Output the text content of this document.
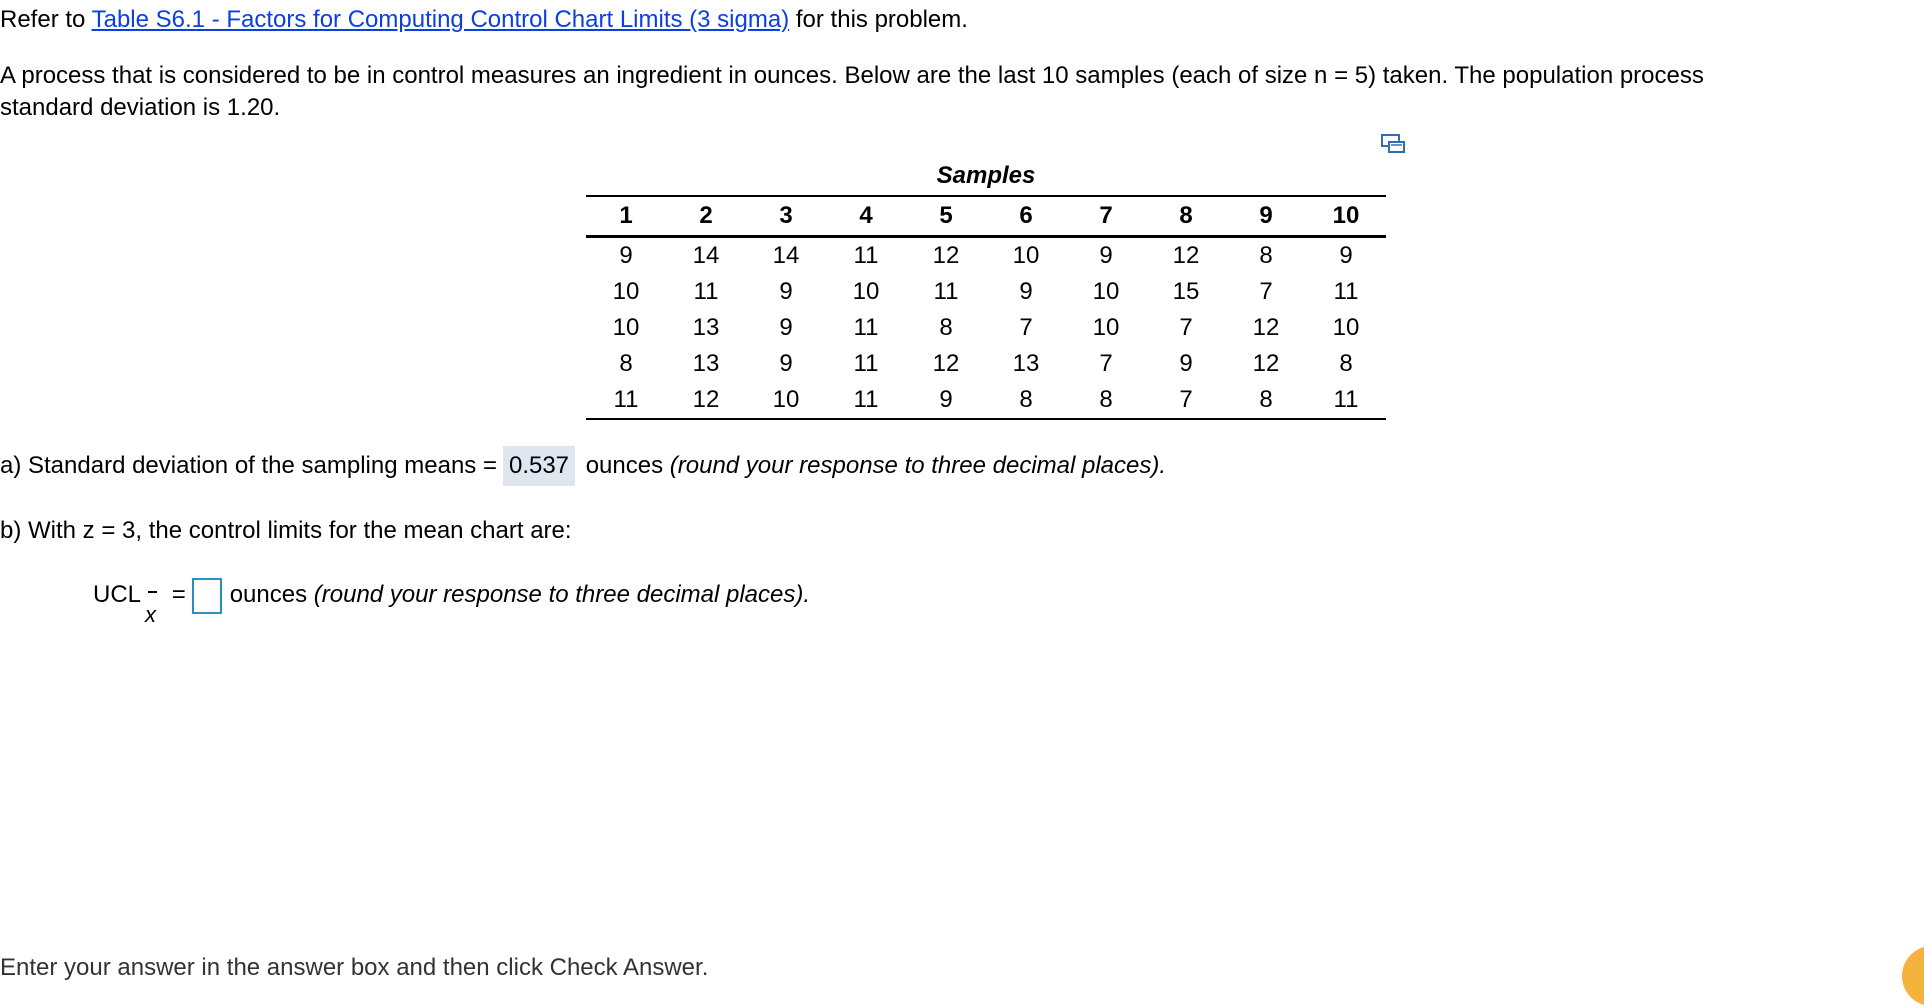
Refer to Table S6.1 - Factors for Computing Control Chart Limits (3 sigma) for this problem.
A process that is considered to be in control measures an ingredient in ounces. Below are the last 10 samples (each of size n = 5) taken. The population process
standard deviation is 1.20.
Samples
1	2	3	4	5	6	7	8	9	10
9	14	14	11	12	10	9	12	8	9
10	11	9	10	11	9	10	15	7	11
10	13	9	11	8	7	10	7	12	10
8	13	9	11	12	13	7	9	12	8
11	12	10	11	9	8	8	7	8	11
a) Standard deviation of the sampling means = 0.537 ounces (round your response to three decimal places).
b) With z = 3, the control limits for the mean chart are:
UCL
x
= ounces (round your response to three decimal places).
Enter your answer in the answer box and then click Check Answer.
